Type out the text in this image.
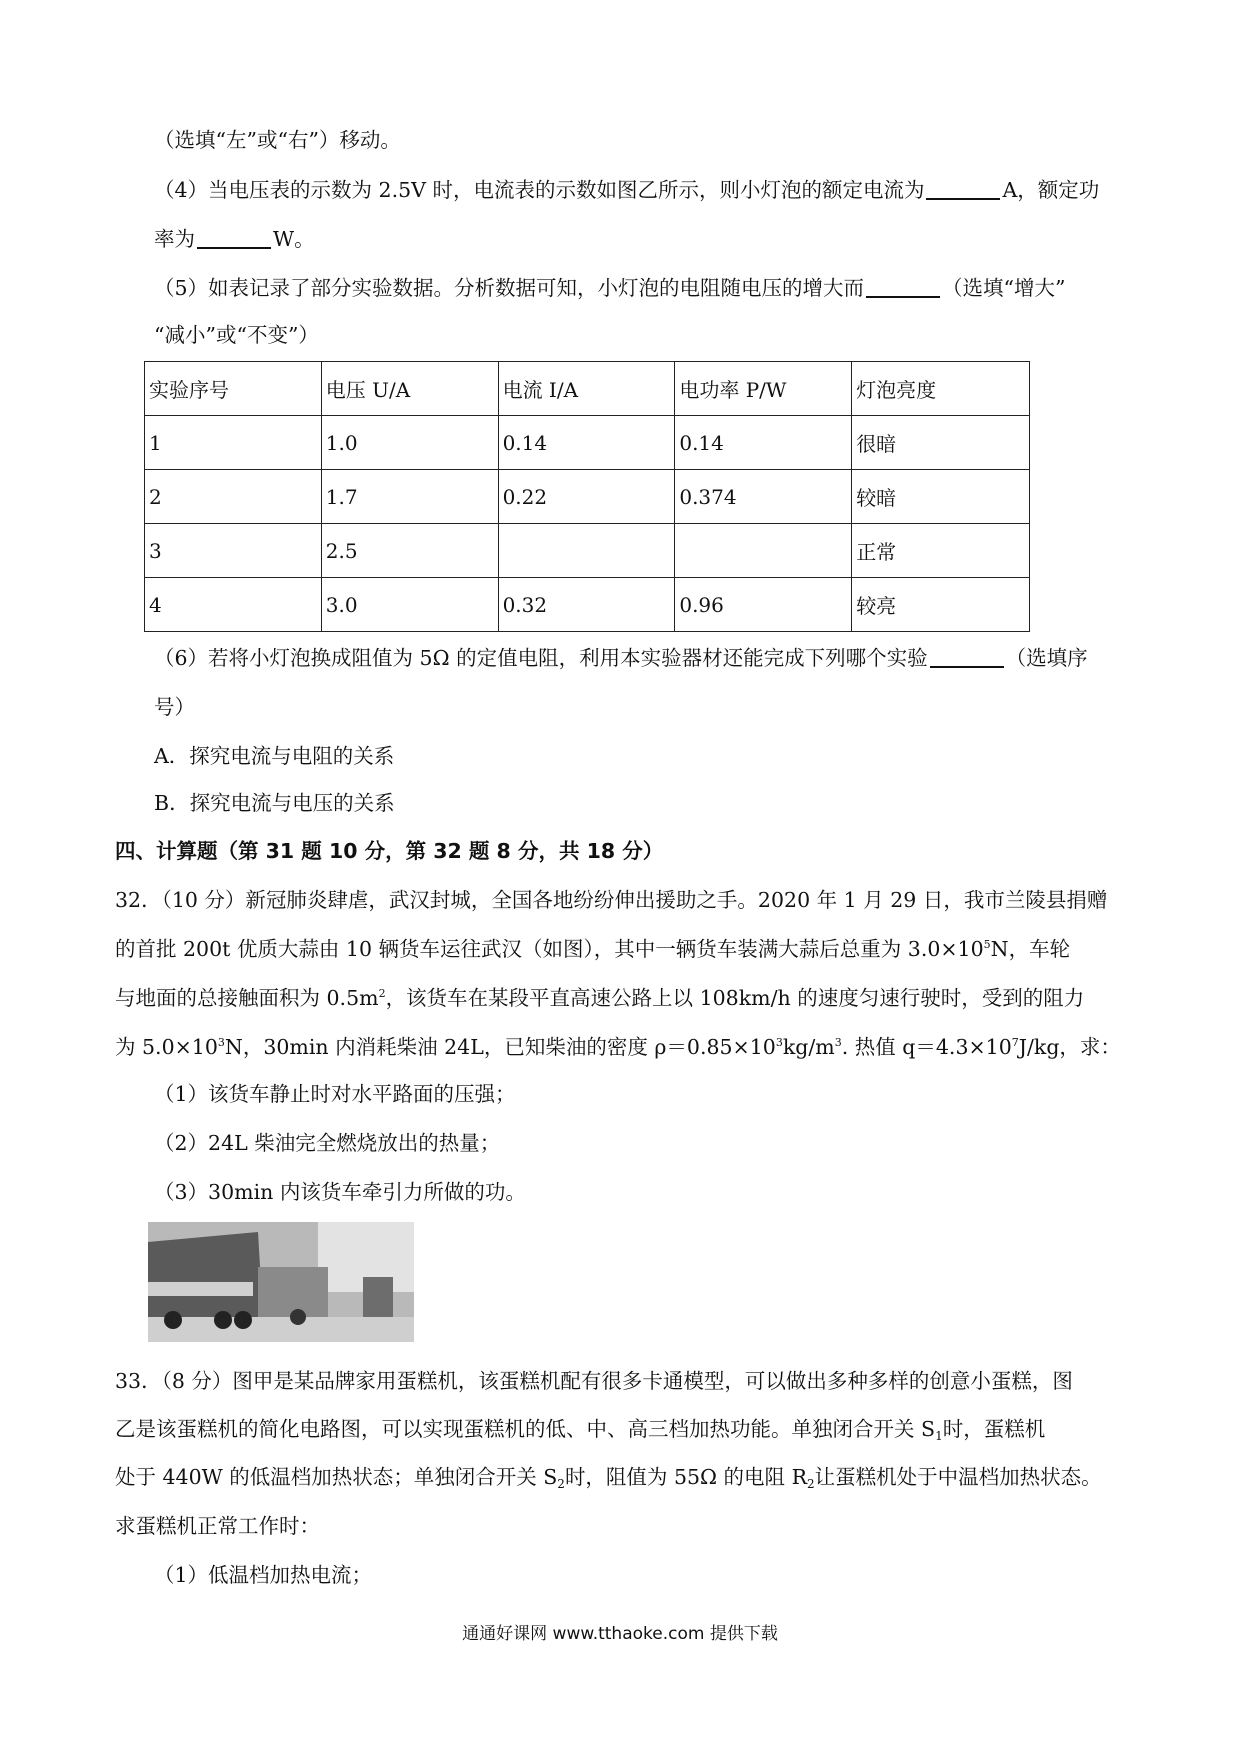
（选填“左”或“右”）移动。
（4）当电压表的示数为 2.5V 时，电流表的示数如图乙所示，则小灯泡的额定电流为	A，额定功
率为	W。
（5）如表记录了部分实验数据。分析数据可知，小灯泡的电阻随电压的增大而	（选填“增大”
“减小”或“不变”）
实验序号	电压 U/A	电流 I/A	电功率 P/W	灯泡亮度
1	1.0	0.14	0.14	很暗
2	1.7	0.22	0.374	较暗
3	2.5			正常
4	3.0	0.32	0.96	较亮
（6）若将小灯泡换成阻值为 5Ω 的定值电阻，利用本实验器材还能完成下列哪个实验	（选填序
号）
A．探究电流与电阻的关系
B．探究电流与电压的关系
四、计算题（第 31 题 10 分，第 32 题 8 分，共 18 分）
32．（10 分）新冠肺炎肆虐，武汉封城，全国各地纷纷伸出援助之手。2020 年 1 月 29 日，我市兰陵县捐赠
的首批 200t 优质大蒜由 10 辆货车运往武汉（如图），其中一辆货车装满大蒜后总重为 $3.0\times 10^5N$，车轮
与地面的总接触面积为 $0.5m^2$，该货车在某段平直高速公路上以 108km/h 的速度匀速行驶时，受到的阻力
为 $5.0\times 10^3N$，30min 内消耗柴油 24L，已知柴油的密度 $\rho=0.85\times 10^3kg/m^3$. 热值 $q=4.3\times 10^7J/kg$，求：
（1）该货车静止时对水平路面的压强；
（2）24L 柴油完全燃烧放出的热量；
（3）30min 内该货车牵引力所做的功。
33．（8 分）图甲是某品牌家用蛋糕机，该蛋糕机配有很多卡通模型，可以做出多种多样的创意小蛋糕，图
乙是该蛋糕机的简化电路图，可以实现蛋糕机的低、中、高三档加热功能。单独闭合开关 $S_1$时，蛋糕机
处于 440W 的低温档加热状态；单独闭合开关 $S_2$时，阻值为 55Ω 的电阻 $R_2$让蛋糕机处于中温档加热状态。
求蛋糕机正常工作时：
（1）低温档加热电流；
通通好课网 www.tthaoke.com 提供下载
